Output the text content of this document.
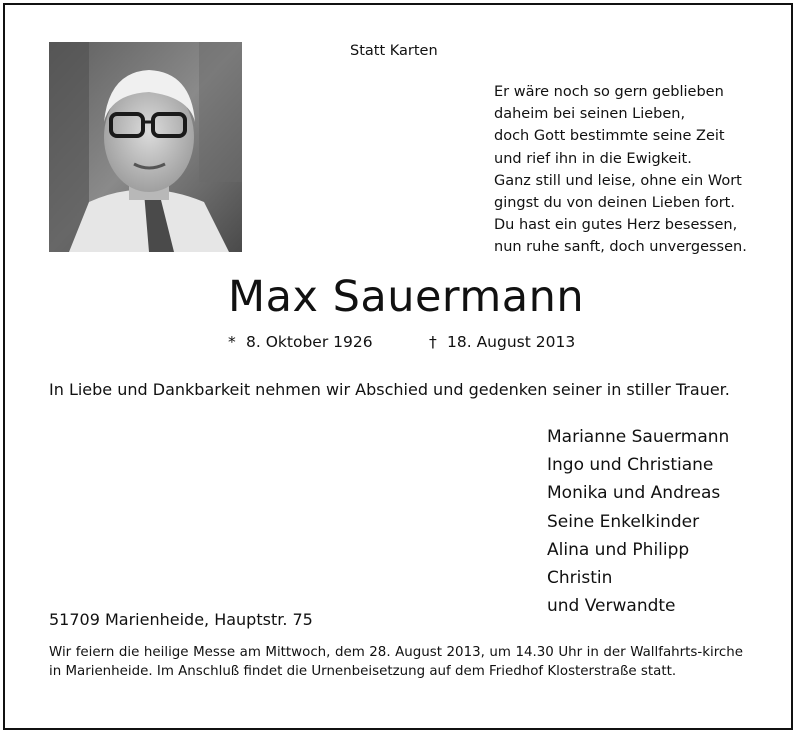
Statt Karten
Er wäre noch so gern geblieben
daheim bei seinen Lieben,
doch Gott bestimmte seine Zeit
und rief ihn in die Ewigkeit.
Ganz still und leise, ohne ein Wort
gingst du von deinen Lieben fort.
Du hast ein gutes Herz besessen,
nun ruhe sanft, doch unvergessen.
Max Sauermann
* 8. Oktober 1926	† 18. August 2013
In Liebe und Dankbarkeit nehmen wir Abschied und gedenken seiner in stiller Trauer.
Marianne Sauermann
Ingo und Christiane
Monika und Andreas
Seine Enkelkinder
Alina und Philipp
Christin
und Verwandte
51709 Marienheide, Hauptstr. 75
Wir feiern die heilige Messe am Mittwoch, dem 28. August 2013, um 14.30 Uhr in der Wallfahrts-kirche in Marienheide. Im Anschluß findet die Urnenbeisetzung auf dem Friedhof Klosterstraße statt.
